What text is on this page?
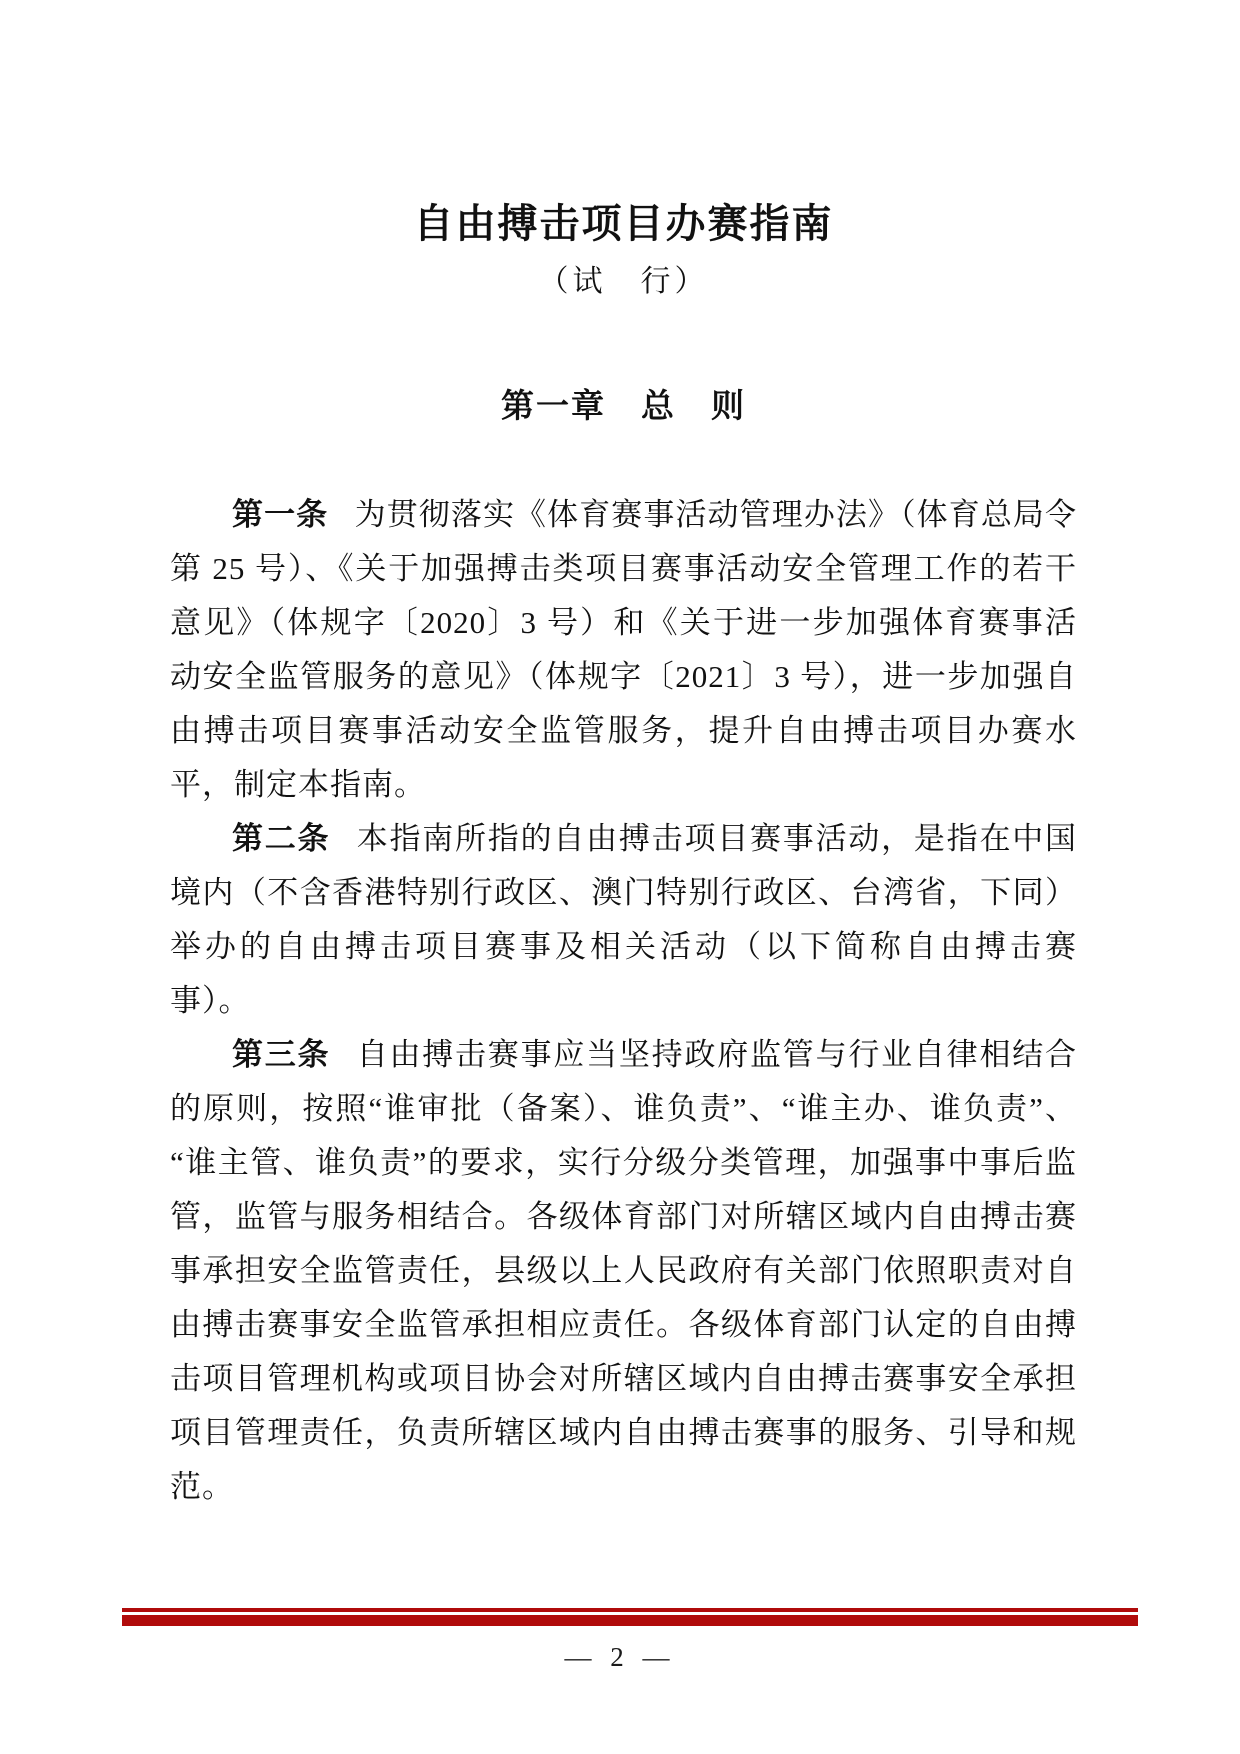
自由搏击项目办赛指南
（试　行）
第一章　总　则

第一条 为贯彻落实《体育赛事活动管理办法》（体育总局令第 25 号）、《关于加强搏击类项目赛事活动安全管理工作的若干意见》（体规字〔2020〕3 号）和《关于进一步加强体育赛事活动安全监管服务的意见》（体规字〔2021〕3 号），进一步加强自由搏击项目赛事活动安全监管服务，提升自由搏击项目办赛水平，制定本指南。

第二条 本指南所指的自由搏击项目赛事活动，是指在中国境内（不含香港特别行政区、澳门特别行政区、台湾省，下同）举办的自由搏击项目赛事及相关活动（以下简称自由搏击赛事）。

第三条 自由搏击赛事应当坚持政府监管与行业自律相结合的原则，按照“谁审批（备案）、谁负责”、“谁主办、谁负责”、“谁主管、谁负责”的要求，实行分级分类管理，加强事中事后监管，监管与服务相结合。各级体育部门对所辖区域内自由搏击赛事承担安全监管责任，县级以上人民政府有关部门依照职责对自由搏击赛事安全监管承担相应责任。各级体育部门认定的自由搏击项目管理机构或项目协会对所辖区域内自由搏击赛事安全承担项目管理责任，负责所辖区域内自由搏击赛事的服务、引导和规范。

— 2 —
